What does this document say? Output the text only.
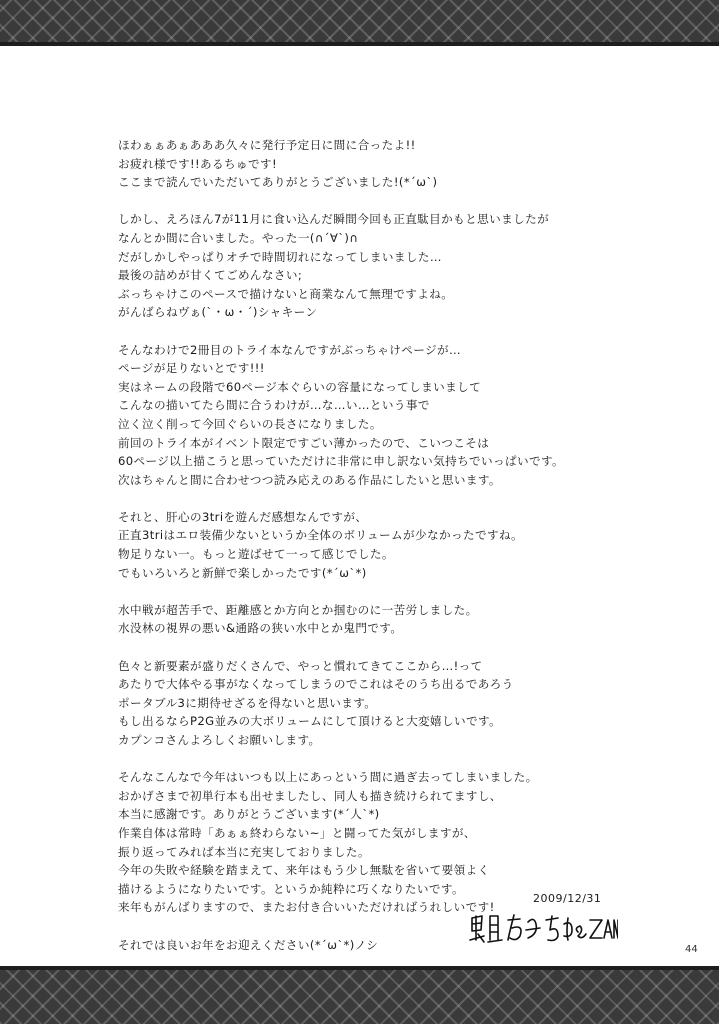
ほわぁぁあぁあああ久々に発行予定日に間に合ったよ!!
お疲れ様です!!あるちゅです!
ここまで読んでいただいてありがとうございました!(*´ω`)
しかし、えろほん7が11月に食い込んだ瞬間今回も正直駄目かもと思いましたが
なんとか間に合いました。やった一(∩´∀`)∩
だがしかしやっぱりオチで時間切れになってしまいました…
最後の詰めが甘くてごめんなさい;
ぶっちゃけこのペースで描けないと商業なんて無理ですよね。
がんばらねヴぁ(`・ω・´)シャキーン
そんなわけで2冊目のトライ本なんですがぶっちゃけページが…
ページが足りないとです!!!
実はネームの段階で60ページ本ぐらいの容量になってしまいまして
こんなの描いてたら間に合うわけが…な…い…という事で
泣く泣く削って今回ぐらいの長さになりました。
前回のトライ本がイベント限定ですごい薄かったので、こいつこそは
60ページ以上描こうと思っていただけに非常に申し訳ない気持ちでいっぱいです。
次はちゃんと間に合わせつつ読み応えのある作品にしたいと思います。
それと、肝心の3triを遊んだ感想なんですが、
正直3triはエロ装備少ないというか全体のボリュームが少なかったですね。
物足りない一。もっと遊ばせて一って感じでした。
でもいろいろと新鮮で楽しかったです(*´ω`*)
水中戦が超苦手で、距離感とか方向とか掴むのに一苦労しました。
水没林の視界の悪い&通路の狭い水中とか鬼門です。
色々と新要素が盛りだくさんで、やっと慣れてきてここから…!って
あたりで大体やる事がなくなってしまうのでこれはそのうち出るであろう
ポータブル3に期待せざるを得ないと思います。
もし出るならP2G並みの大ボリュームにして頂けると大変嬉しいです。
カプンコさんよろしくお願いします。
そんなこんなで今年はいつも以上にあっという間に過ぎ去ってしまいました。
おかげさまで初単行本も出せましたし、同人も描き続けられてますし、
本当に感謝です。ありがとうございます(*´人`*)
作業自体は常時「あぁぁ終わらない~」と闘ってた気がしますが、
振り返ってみれば本当に充実しておりました。
今年の失敗や経験を踏まえて、来年はもう少し無駄を省いて要領よく
描けるようになりたいです。というか純粋に巧くなりたいです。
来年もがんばりますので、またお付き合いいただければうれしいです!
それでは良いお年をお迎えください(*´ω`*)ノシ
2009/12/31
44
